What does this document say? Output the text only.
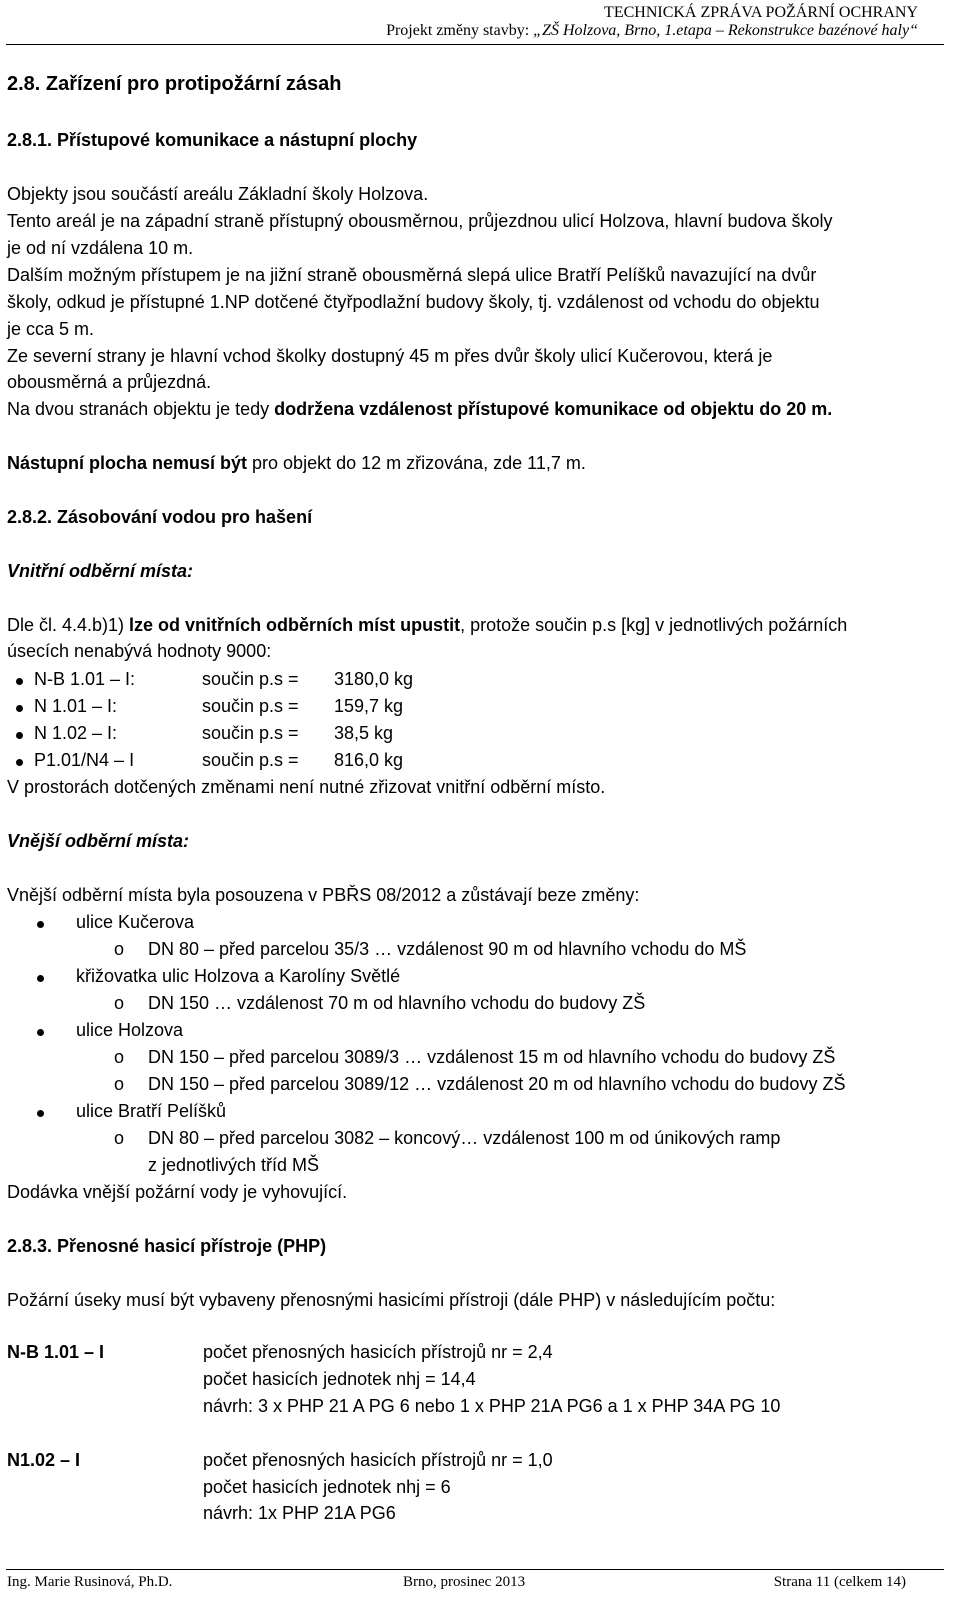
TECHNICKÁ ZPRÁVA POŽÁRNÍ OCHRANY
Projekt změny stavby: „ZŠ Holzova, Brno, 1.etapa – Rekonstrukce bazénové haly“
2.8. Zařízení pro protipožární zásah
2.8.1. Přístupové komunikace a nástupní plochy
Objekty jsou součástí areálu Základní školy Holzova.
Tento areál je na západní straně přístupný obousměrnou, průjezdnou ulicí Holzova, hlavní budova školy
je od ní vzdálena 10 m.
Dalším možným přístupem je na jižní straně obousměrná slepá ulice Bratří Pelíšků navazující na dvůr
školy, odkud je přístupné 1.NP dotčené čtyřpodlažní budovy školy, tj. vzdálenost od vchodu do objektu
je cca 5 m.
Ze severní strany je hlavní vchod školky dostupný 45 m přes dvůr školy ulicí Kučerovou, která je
obousměrná a průjezdná.
Na dvou stranách objektu je tedy dodržena vzdálenost přístupové komunikace od objektu do 20 m.
Nástupní plocha nemusí být pro objekt do 12 m zřizována, zde 11,7 m.
2.8.2. Zásobování vodou pro hašení
Vnitřní odběrní místa:
Dle čl. 4.4.b)1) lze od vnitřních odběrních míst upustit, protože součin p.s [kg] v jednotlivých požárních
úsecích nenabývá hodnoty 9000:
N-B 1.01 – I:	součin p.s = 3180,0 kg
N 1.01 – I:	součin p.s = 159,7 kg
N 1.02 – I:	součin p.s = 38,5 kg
P1.01/N4 – I	součin p.s = 816,0 kg
V prostorách dotčených změnami není nutné zřizovat vnitřní odběrní místo.
Vnější odběrní místa:
Vnější odběrní místa byla posouzena v PBŘS 08/2012 a zůstávají beze změny:
ulice Kučerova
o DN 80 – před parcelou 35/3 … vzdálenost 90 m od hlavního vchodu do MŠ
křižovatka ulic Holzova a Karolíny Světlé
o DN 150 … vzdálenost 70 m od hlavního vchodu do budovy ZŠ
ulice Holzova
o DN 150 – před parcelou 3089/3 … vzdálenost 15 m od hlavního vchodu do budovy ZŠ
o DN 150 – před parcelou 3089/12 … vzdálenost 20 m od hlavního vchodu do budovy ZŠ
ulice Bratří Pelíšků
o DN 80 – před parcelou 3082 – koncový… vzdálenost 100 m od únikových ramp
z jednotlivých tříd MŠ
Dodávka vnější požární vody je vyhovující.
2.8.3. Přenosné hasicí přístroje (PHP)
Požární úseky musí být vybaveny přenosnými hasicími přístroji (dále PHP) v následujícím počtu:
N-B 1.01 – I	počet přenosných hasicích přístrojů nr = 2,4
počet hasicích jednotek nhj = 14,4
návrh: 3 x PHP 21 A PG 6 nebo 1 x PHP 21A PG6 a 1 x PHP 34A PG 10
N1.02 – I	počet přenosných hasicích přístrojů nr = 1,0
počet hasicích jednotek nhj = 6
návrh: 1x PHP 21A PG6
Ing. Marie Rusinová, Ph.D.	Brno, prosinec 2013	Strana 11 (celkem 14)
